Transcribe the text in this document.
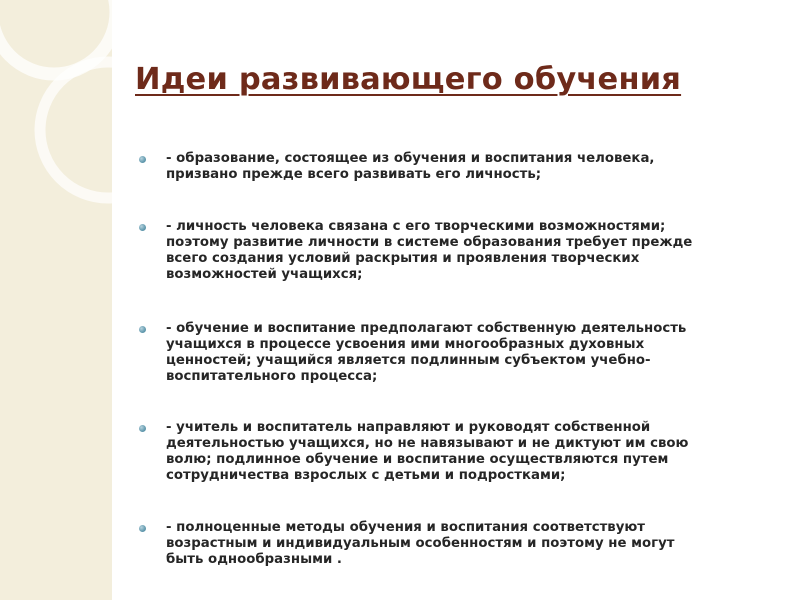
Идеи развивающего обучения
- образование, состоящее из обучения и воспитания человека,
призвано прежде всего развивать его личность;
- личность человека связана с его творческими возможностями;
поэтому развитие личности в системе образования требует прежде
всего создания условий раскрытия и проявления творческих
возможностей учащихся;
- обучение и воспитание предполагают собственную деятельность
учащихся в процессе усвоения ими многообразных духовных
ценностей; учащийся является подлинным субъектом учебно-
воспитательного процесса;
- учитель и воспитатель направляют и руководят собственной
деятельностью учащихся, но не навязывают и не диктуют им свою
волю; подлинное обучение и воспитание осуществляются путем
сотрудничества взрослых с детьми и подростками;
- полноценные методы обучения и воспитания соответствуют
возрастным и индивидуальным особенностям и поэтому не могут
быть однообразными .
